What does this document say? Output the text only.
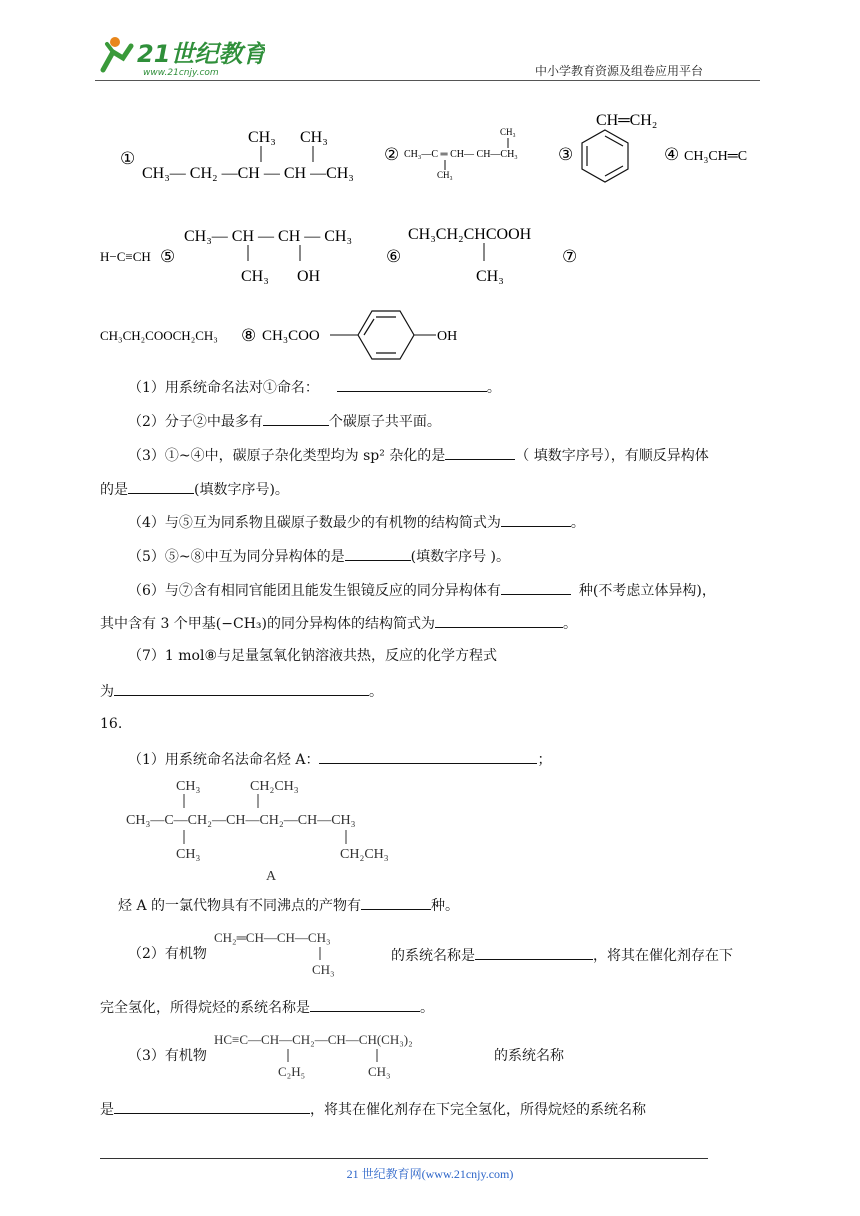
21世纪教育
www.21cnjy.com	中小学教育资源及组卷应用平台
①
CH₃— CH₂ —CH — CH —CH₃
CH₃ CH₃
② CH₃—C ═ CH— CH—CH₃
CH₃
CH₃
③
CH═CH₂
④ CH₃CH═C
H−C≡CH ⑤
CH₃— CH — CH — CH₃
CH₃ OH
⑥
CH₃CH₂CHCOOH
CH₃
⑦
CH₃CH₂COOCH₂CH₃ ⑧ CH₃COO	OH
（1）用系统命名法对①命名：	。
（2）分子②中最多有	个碳原子共平面。
（3）①~④中，碳原子杂化类型均为 sp² 杂化的是	（ 填数字序号），有顺反异构体
的是	(填数字序号)。
（4）与⑤互为同系物且碳原子数最少的有机物的结构简式为	。
（5）⑤~⑧中互为同分异构体的是	(填数字序号 )。
（6）与⑦含有相同官能团且能发生银镜反应的同分异构体有	种(不考虑立体异构)，
其中含有 3 个甲基(−CH₃)的同分异构体的结构简式为	。
（7）1 mol⑧与足量氢氧化钠溶液共热，反应的化学方程式
为	。
16.
（1）用系统命名法命名烃 A：	；
CH₃	CH₂CH₃
CH₃—C—CH₂—CH—CH₂—CH—CH₃
CH₃	CH₂CH₃
A
烃 A 的一氯代物具有不同沸点的产物有	种。
（2）有机物
CH₂═CH—CH—CH₃
CH₃
的系统名称是	，将其在催化剂存在下
完全氢化，所得烷烃的系统名称是	。
（3）有机物
HC≡C—CH—CH₂—CH—CH(CH₃)₂
C₂H₅	CH₃
的系统名称
是	，将其在催化剂存在下完全氢化，所得烷烃的系统名称
21 世纪教育网(www.21cnjy.com)
